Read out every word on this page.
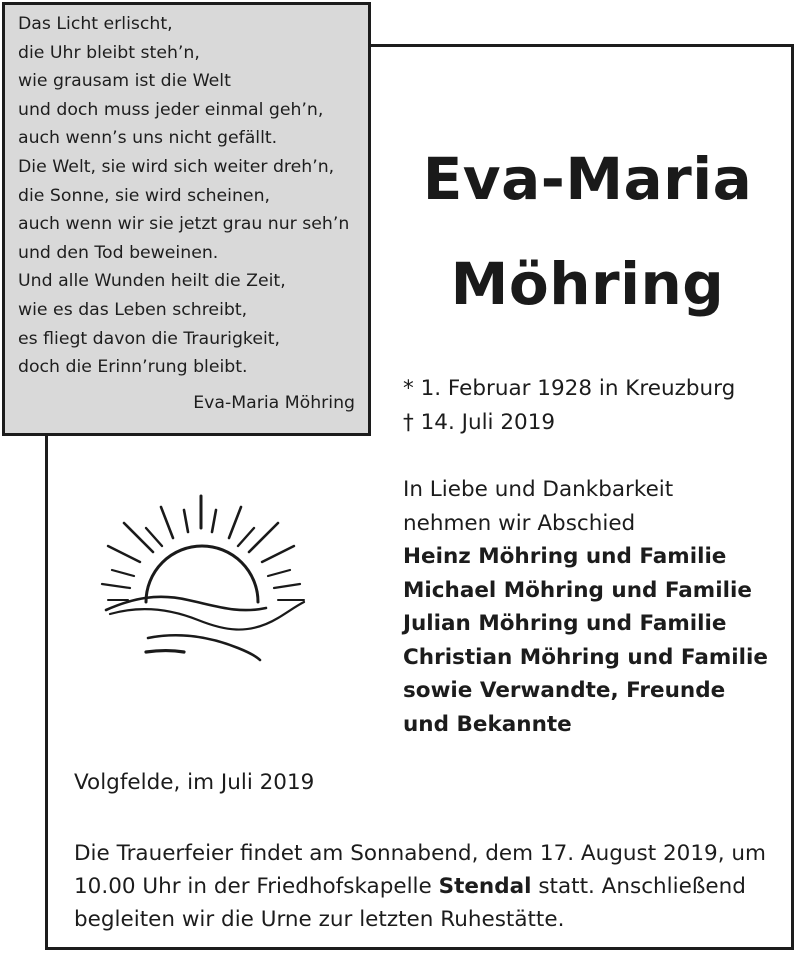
Das Licht erlischt,
die Uhr bleibt steh’n,
wie grausam ist die Welt
und doch muss jeder einmal geh’n,
auch wenn’s uns nicht gefällt.
Die Welt, sie wird sich weiter dreh’n,
die Sonne, sie wird scheinen,
auch wenn wir sie jetzt grau nur seh’n
und den Tod beweinen.
Und alle Wunden heilt die Zeit,
wie es das Leben schreibt,
es fliegt davon die Traurigkeit,
doch die Erinn’rung bleibt.
Eva-Maria Möhring
Eva-Maria
Möhring
* 1. Februar 1928 in Kreuzburg
† 14. Juli 2019
In Liebe und Dankbarkeit
nehmen wir Abschied
Heinz Möhring und Familie
Michael Möhring und Familie
Julian Möhring und Familie
Christian Möhring und Familie
sowie Verwandte, Freunde
und Bekannte
Volgfelde, im Juli 2019
Die Trauerfeier findet am Sonnabend, dem 17. August 2019, um
10.00 Uhr in der Friedhofskapelle Stendal statt. Anschließend
begleiten wir die Urne zur letzten Ruhestätte.
